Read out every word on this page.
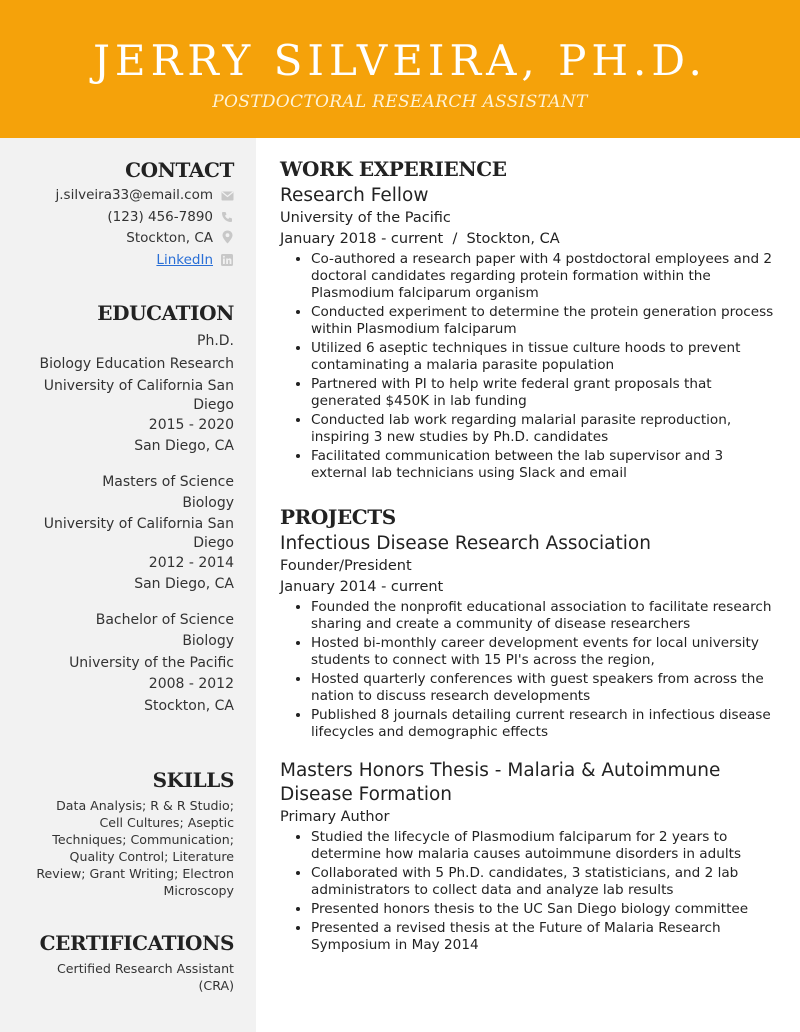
JERRY SILVEIRA, PH.D.
POSTDOCTORAL RESEARCH ASSISTANT
CONTACT
j.silveira33@email.com
(123) 456-7890
Stockton, CA
LinkedIn
EDUCATION
Ph.D.
Biology Education Research
University of California San Diego
2015 - 2020
San Diego, CA
Masters of Science
Biology
University of California San Diego
2012 - 2014
San Diego, CA
Bachelor of Science
Biology
University of the Pacific
2008 - 2012
Stockton, CA
SKILLS
Data Analysis; R & R Studio; Cell Cultures; Aseptic Techniques; Communication; Quality Control; Literature Review; Grant Writing; Electron Microscopy
CERTIFICATIONS
Certified Research Assistant (CRA)
WORK EXPERIENCE
Research Fellow
University of the Pacific
January 2018 - current  /  Stockton, CA
• Co-authored a research paper with 4 postdoctoral employees and 2 doctoral candidates regarding protein formation within the Plasmodium falciparum organism
• Conducted experiment to determine the protein generation process within Plasmodium falciparum
• Utilized 6 aseptic techniques in tissue culture hoods to prevent contaminating a malaria parasite population
• Partnered with PI to help write federal grant proposals that generated $450K in lab funding
• Conducted lab work regarding malarial parasite reproduction, inspiring 3 new studies by Ph.D. candidates
• Facilitated communication between the lab supervisor and 3 external lab technicians using Slack and email
PROJECTS
Infectious Disease Research Association
Founder/President
January 2014 - current
• Founded the nonprofit educational association to facilitate research sharing and create a community of disease researchers
• Hosted bi-monthly career development events for local university students to connect with 15 PI's across the region,
• Hosted quarterly conferences with guest speakers from across the nation to discuss research developments
• Published 8 journals detailing current research in infectious disease lifecycles and demographic effects
Masters Honors Thesis - Malaria & Autoimmune Disease Formation
Primary Author
• Studied the lifecycle of Plasmodium falciparum for 2 years to determine how malaria causes autoimmune disorders in adults
• Collaborated with 5 Ph.D. candidates, 3 statisticians, and 2 lab administrators to collect data and analyze lab results
• Presented honors thesis to the UC San Diego biology committee
• Presented a revised thesis at the Future of Malaria Research Symposium in May 2014
